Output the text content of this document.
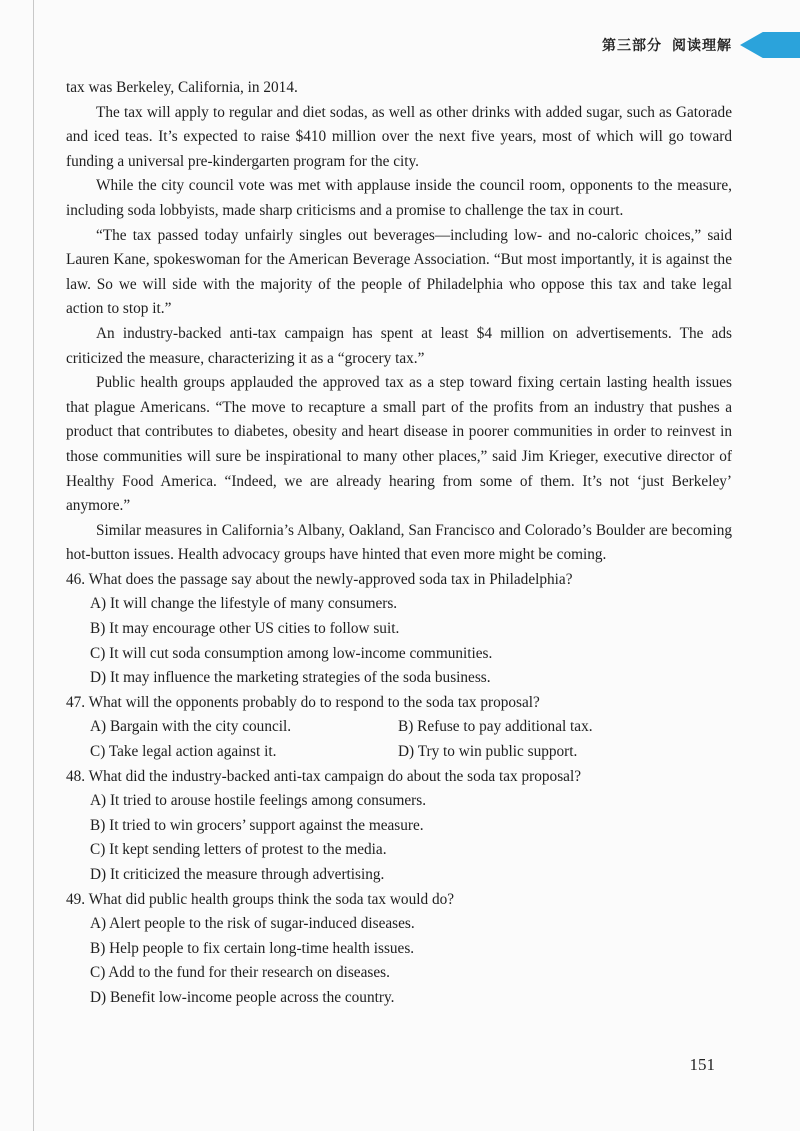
第三部分 阅读理解

tax was Berkeley, California, in 2014.

The tax will apply to regular and diet sodas, as well as other drinks with added sugar, such as Gatorade and iced teas. It’s expected to raise $410 million over the next five years, most of which will go toward funding a universal pre-kindergarten program for the city.

While the city council vote was met with applause inside the council room, opponents to the measure, including soda lobbyists, made sharp criticisms and a promise to challenge the tax in court.

“The tax passed today unfairly singles out beverages—including low- and no-caloric choices,” said Lauren Kane, spokeswoman for the American Beverage Association. “But most importantly, it is against the law. So we will side with the majority of the people of Philadelphia who oppose this tax and take legal action to stop it.”

An industry-backed anti-tax campaign has spent at least $4 million on advertisements. The ads criticized the measure, characterizing it as a “grocery tax.”

Public health groups applauded the approved tax as a step toward fixing certain lasting health issues that plague Americans. “The move to recapture a small part of the profits from an industry that pushes a product that contributes to diabetes, obesity and heart disease in poorer communities in order to reinvest in those communities will sure be inspirational to many other places,” said Jim Krieger, executive director of Healthy Food America. “Indeed, we are already hearing from some of them. It’s not ‘just Berkeley’ anymore.”

Similar measures in California’s Albany, Oakland, San Francisco and Colorado’s Boulder are becoming hot-button issues. Health advocacy groups have hinted that even more might be coming.

46. What does the passage say about the newly-approved soda tax in Philadelphia?

A) It will change the lifestyle of many consumers.

B) It may encourage other US cities to follow suit.

C) It will cut soda consumption among low-income communities.

D) It may influence the marketing strategies of the soda business.

47. What will the opponents probably do to respond to the soda tax proposal?

A) Bargain with the city council.	B) Refuse to pay additional tax.
C) Take legal action against it.	D) Try to win public support.

48. What did the industry-backed anti-tax campaign do about the soda tax proposal?

A) It tried to arouse hostile feelings among consumers.

B) It tried to win grocers’ support against the measure.

C) It kept sending letters of protest to the media.

D) It criticized the measure through advertising.

49. What did public health groups think the soda tax would do?

A) Alert people to the risk of sugar-induced diseases.

B) Help people to fix certain long-time health issues.

C) Add to the fund for their research on diseases.

D) Benefit low-income people across the country.

151
